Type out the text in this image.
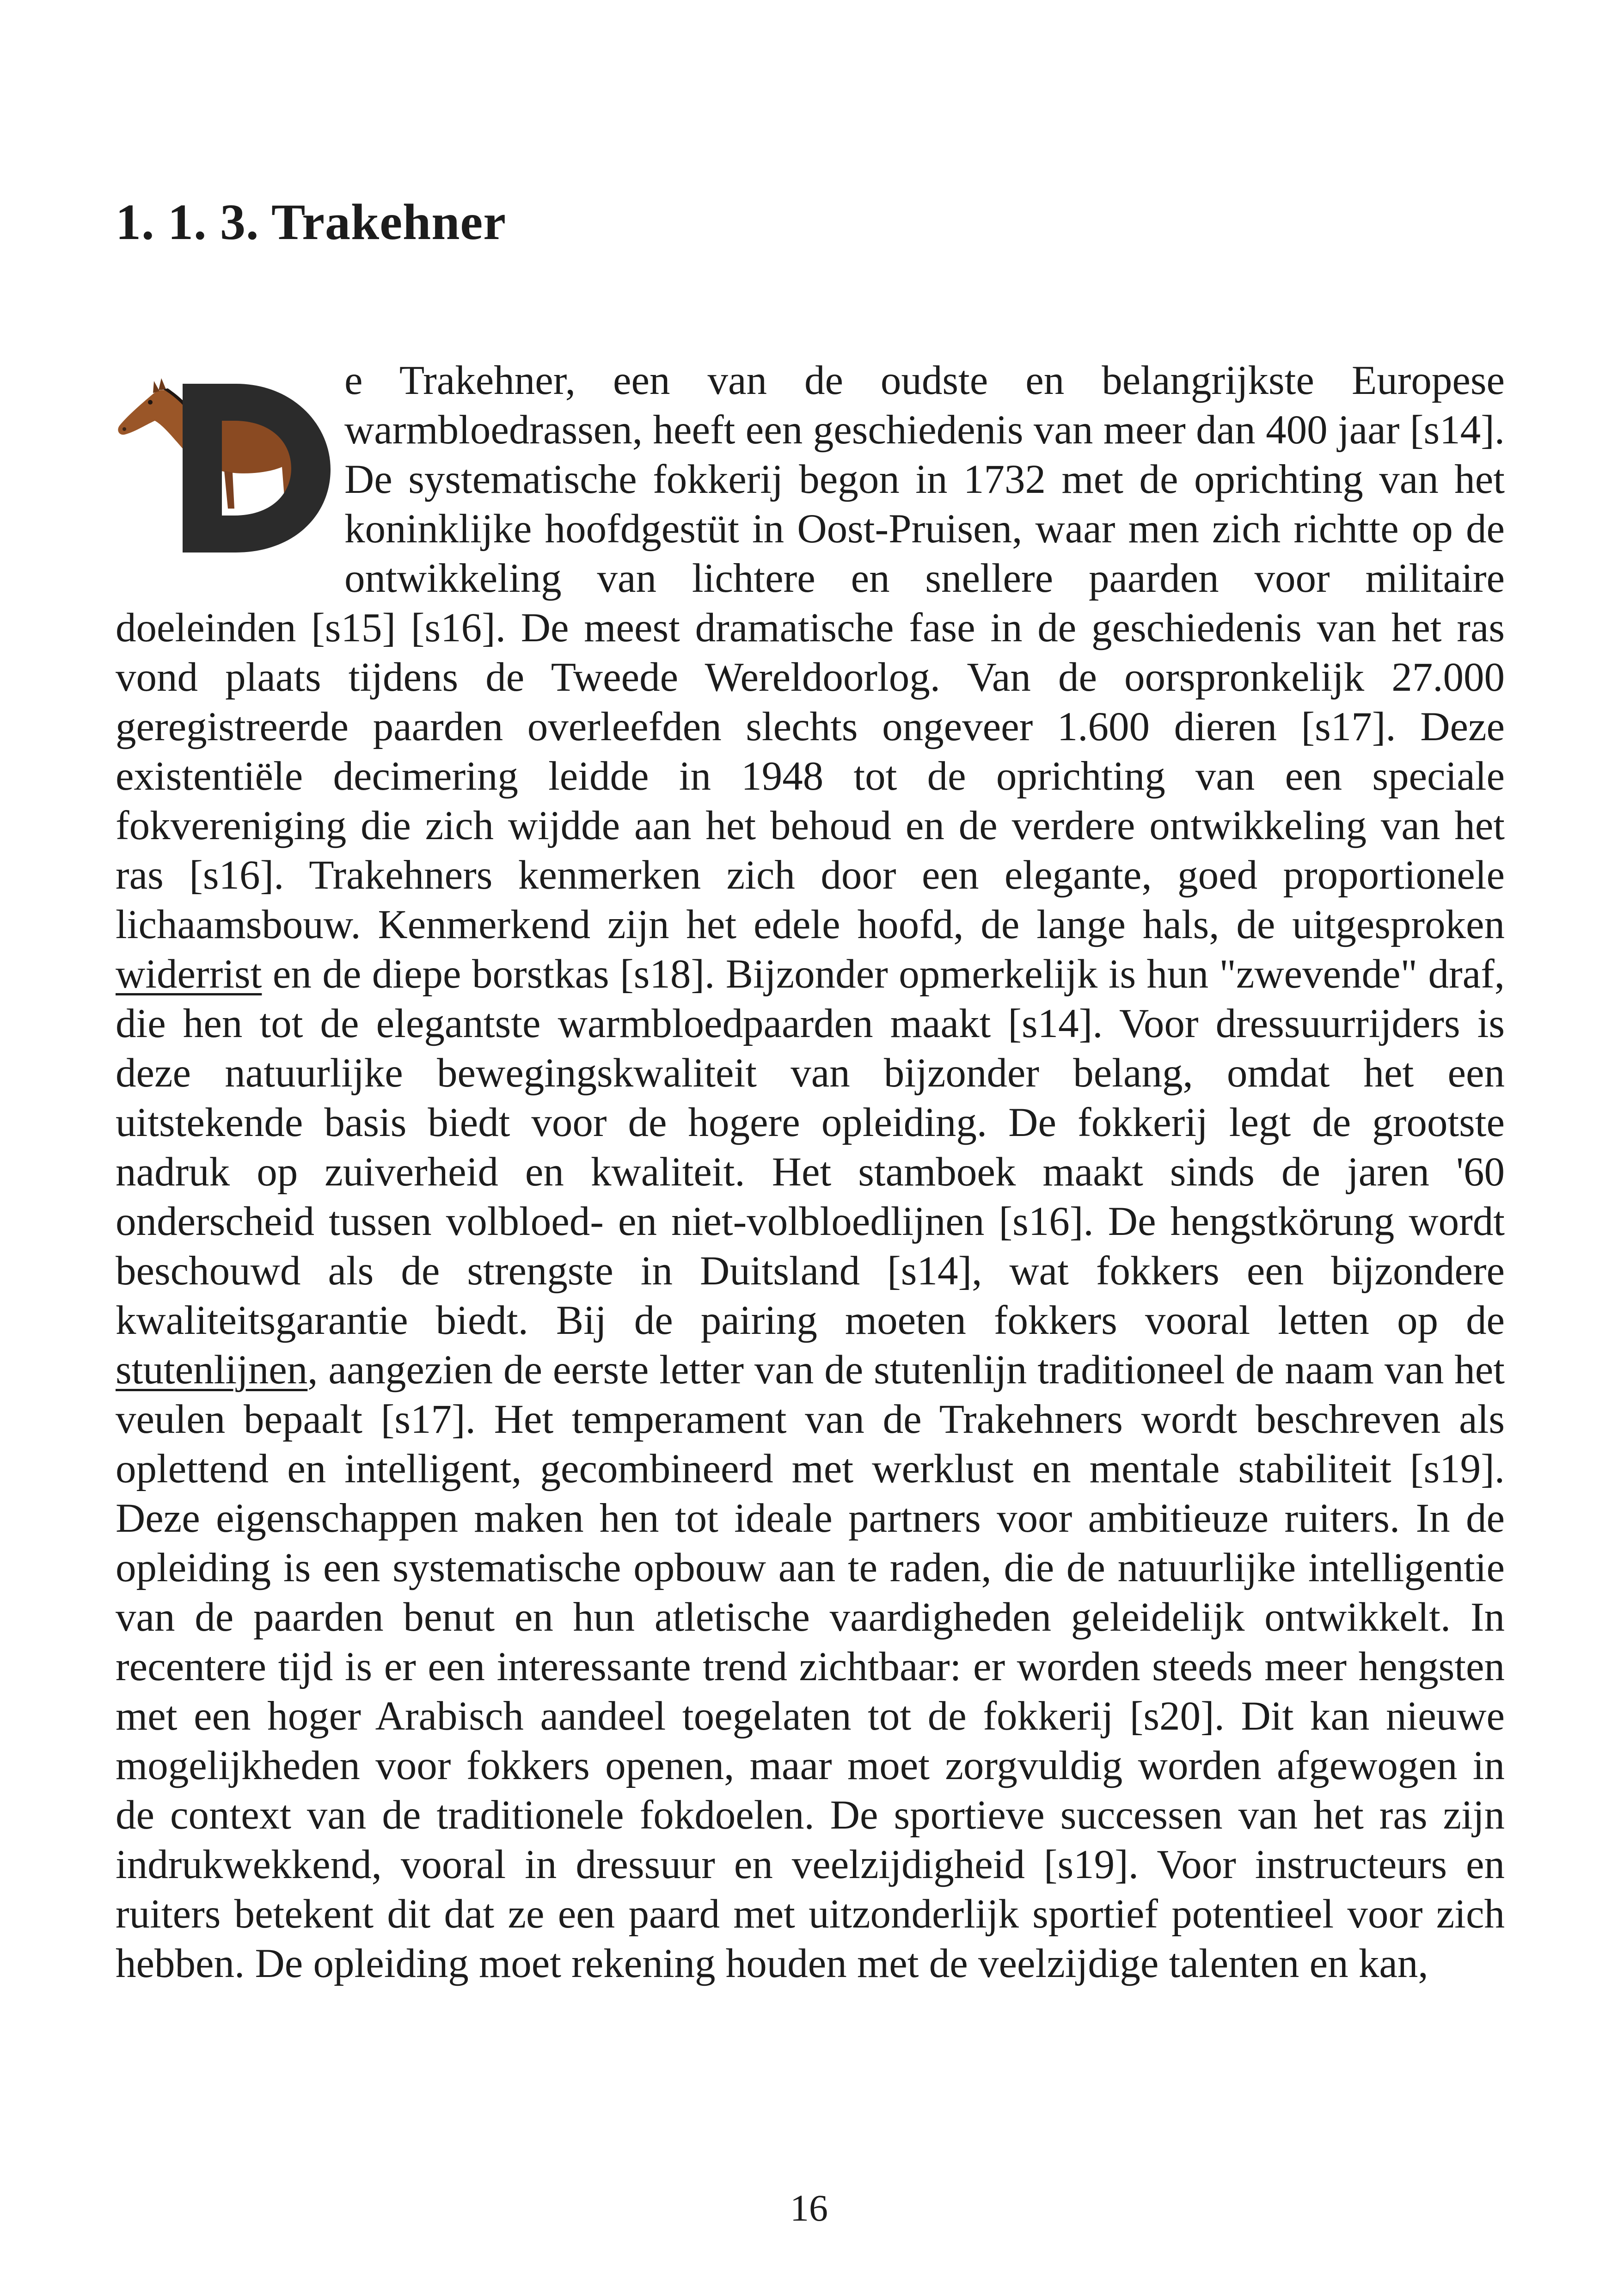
1. 1. 3. Trakehner

e Trakehner, een van de oudste en belangrijkste Europese warmbloedrassen, heeft een geschiedenis van meer dan 400 jaar [s14]. De systematische fokkerij begon in 1732 met de oprichting van het koninklijke hoofdgestüt in Oost-Pruisen, waar men zich richtte op de ontwikkeling van lichtere en snellere paarden voor militaire doeleinden [s15] [s16]. De meest dramatische fase in de geschiedenis van het ras vond plaats tijdens de Tweede Wereldoorlog. Van de oorspronkelijk 27.000 geregistreerde paarden overleefden slechts ongeveer 1.600 dieren [s17]. Deze existentiële decimering leidde in 1948 tot de oprichting van een speciale fokvereniging die zich wijdde aan het behoud en de verdere ontwikkeling van het ras [s16]. Trakehners kenmerken zich door een elegante, goed proportionele lichaamsbouw. Kenmerkend zijn het edele hoofd, de lange hals, de uitgesproken widerrist en de diepe borstkas [s18]. Bijzonder opmerkelijk is hun "zwevende" draf, die hen tot de elegantste warmbloedpaarden maakt [s14]. Voor dressuurrijders is deze natuurlijke bewegingskwaliteit van bijzonder belang, omdat het een uitstekende basis biedt voor de hogere opleiding. De fokkerij legt de grootste nadruk op zuiverheid en kwaliteit. Het stamboek maakt sinds de jaren '60 onderscheid tussen volbloed- en niet-volbloedlijnen [s16]. De hengstkörung wordt beschouwd als de strengste in Duitsland [s14], wat fokkers een bijzondere kwaliteitsgarantie biedt. Bij de pairing moeten fokkers vooral letten op de stutenlijnen, aangezien de eerste letter van de stutenlijn traditioneel de naam van het veulen bepaalt [s17]. Het temperament van de Trakehners wordt beschreven als oplettend en intelligent, gecombineerd met werklust en mentale stabiliteit [s19]. Deze eigenschappen maken hen tot ideale partners voor ambitieuze ruiters. In de opleiding is een systematische opbouw aan te raden, die de natuurlijke intelligentie van de paarden benut en hun atletische vaardigheden geleidelijk ontwikkelt. In recentere tijd is er een interessante trend zichtbaar: er worden steeds meer hengsten met een hoger Arabisch aandeel toegelaten tot de fokkerij [s20]. Dit kan nieuwe mogelijkheden voor fokkers openen, maar moet zorgvuldig worden afgewogen in de context van de traditionele fokdoelen. De sportieve successen van het ras zijn indrukwekkend, vooral in dressuur en veelzijdigheid [s19]. Voor instructeurs en ruiters betekent dit dat ze een paard met uitzonderlijk sportief potentieel voor zich hebben. De opleiding moet rekening houden met de veelzijdige talenten en kan,

16
